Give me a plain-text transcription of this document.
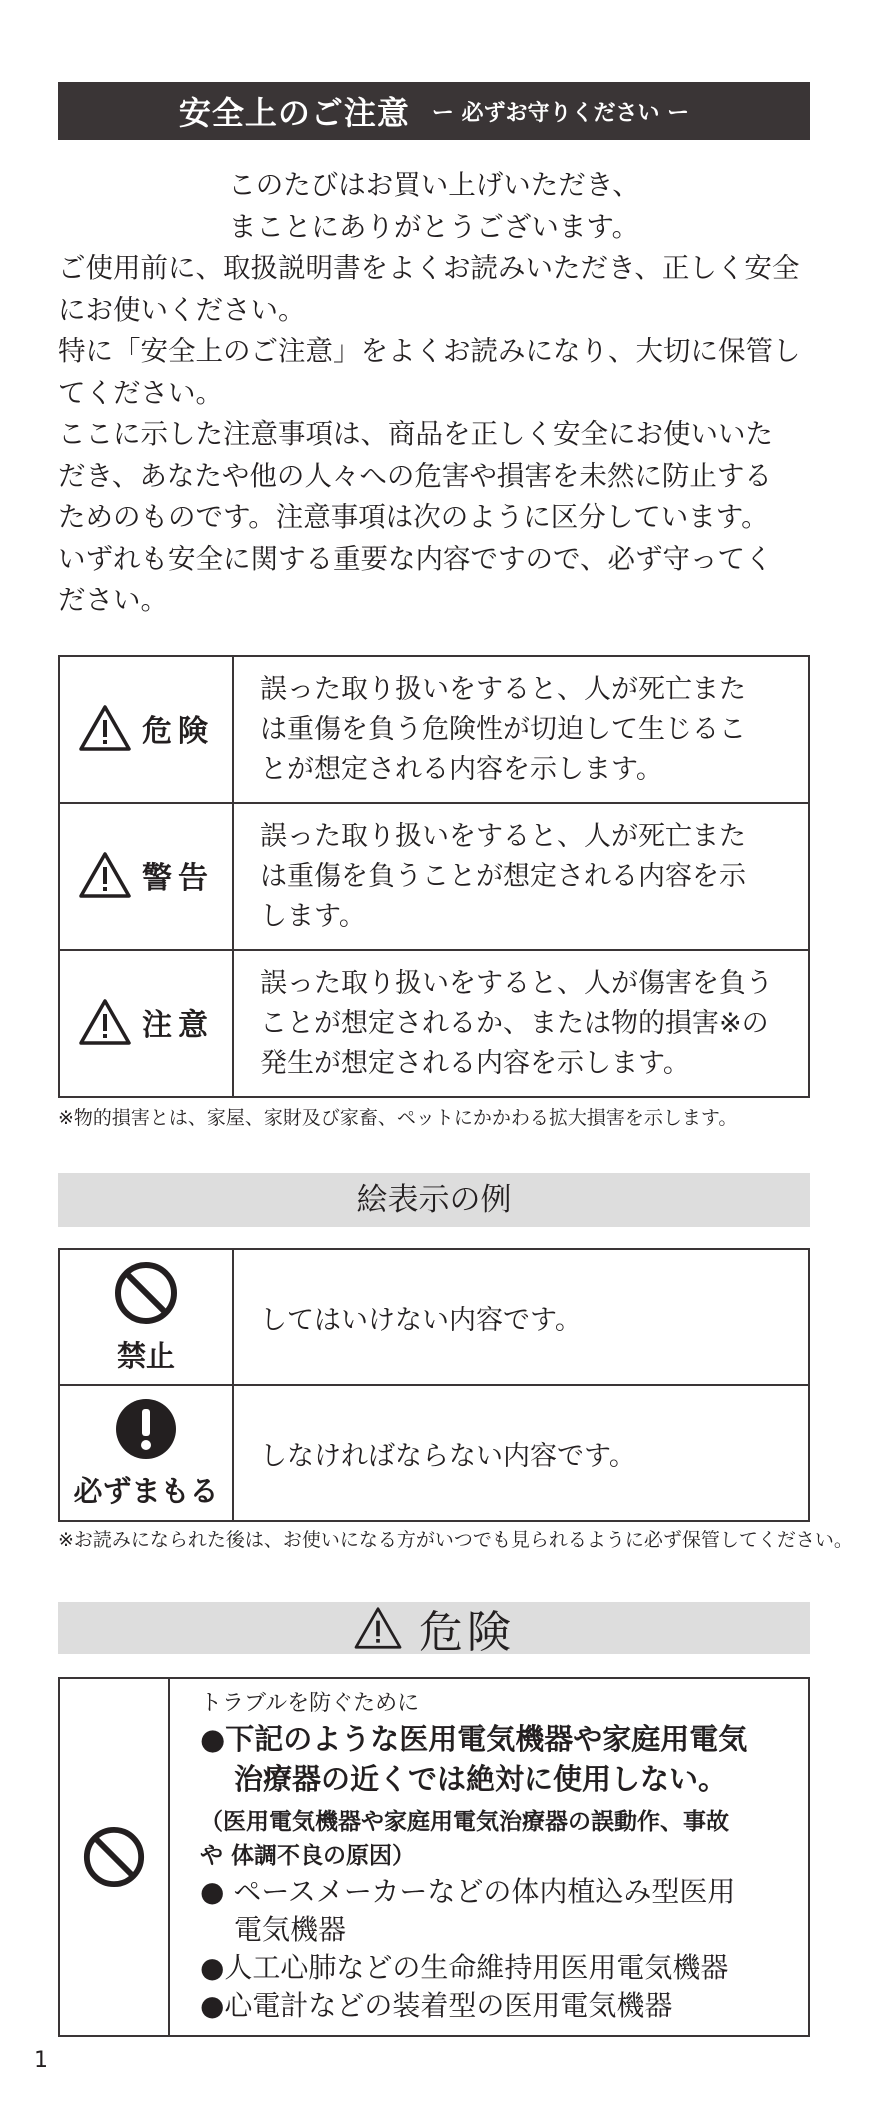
安全上のご注意 ー 必ずお守りください ー
このたびはお買い上げいただき、
まことにありがとうございます。
ご使用前に、取扱説明書をよくお読みいただき、正しく安全
にお使いください。
特に「安全上のご注意」をよくお読みになり、大切に保管し
てください。
ここに示した注意事項は、商品を正しく安全にお使いいた
だき、あなたや他の人々への危害や損害を未然に防止する
ためのものです。注意事項は次のように区分しています。
いずれも安全に関する重要な内容ですので、必ず守ってく
ださい。
危険	誤った取り扱いをすると、人が死亡また
は重傷を負う危険性が切迫して生じるこ
とが想定される内容を示します。

警告	誤った取り扱いをすると、人が死亡また
は重傷を負うことが想定される内容を示
します。

注意	誤った取り扱いをすると、人が傷害を負う
ことが想定されるか、または物的損害※の
発生が想定される内容を示します。
※物的損害とは、家屋、家財及び家畜、ペットにかかわる拡大損害を示します。
絵表示の例
禁止	してはいけない内容です。

必ずまもる	しなければならない内容です。
※お読みになられた後は、お使いになる方がいつでも見られるように必ず保管してください。
危険
トラブルを防ぐために
●下記のような医用電気機器や家庭用電気
治療器の近くでは絶対に使用しない。
（医用電気機器や家庭用電気治療器の誤動作、事故
や 体調不良の原因）
● ペースメーカーなどの体内植込み型医用
電気機器
●人工心肺などの生命維持用医用電気機器
●心電計などの装着型の医用電気機器
1
